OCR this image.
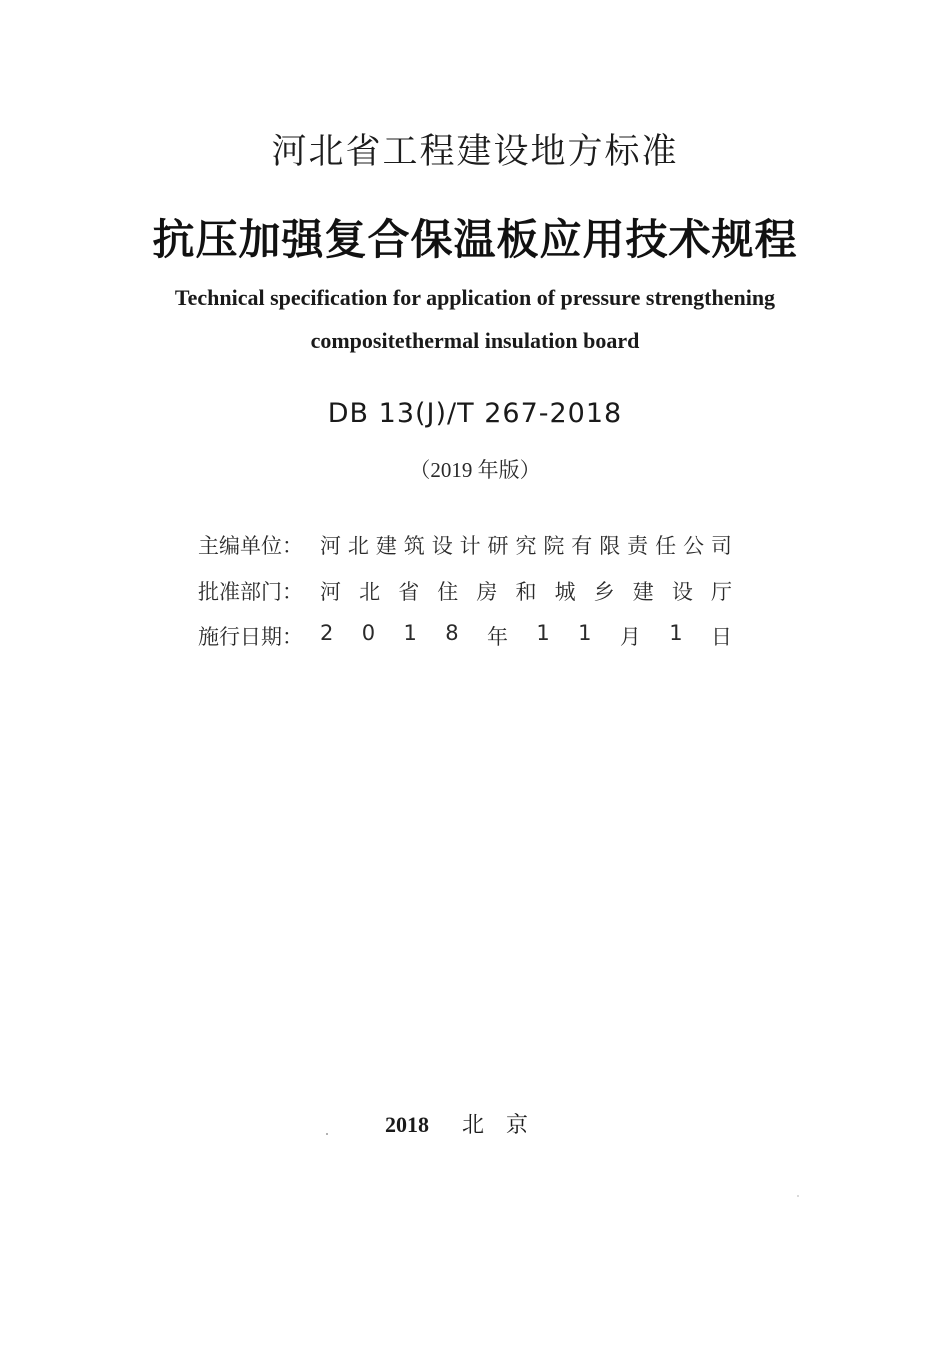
河北省工程建设地方标准
抗压加强复合保温板应用技术规程
Technical specification for application of pressure strengthening
compositethermal insulation board
DB 13(J)/T 267-2018
（2019 年版）
主编单位： 河 北 建 筑 设 计 研 究 院 有 限 责 任 公 司
批准部门： 河 北 省 住 房 和 城 乡 建 设 厅
施行日期： 2 0 1 8 年 1 1 月 1 日
2018 北京
